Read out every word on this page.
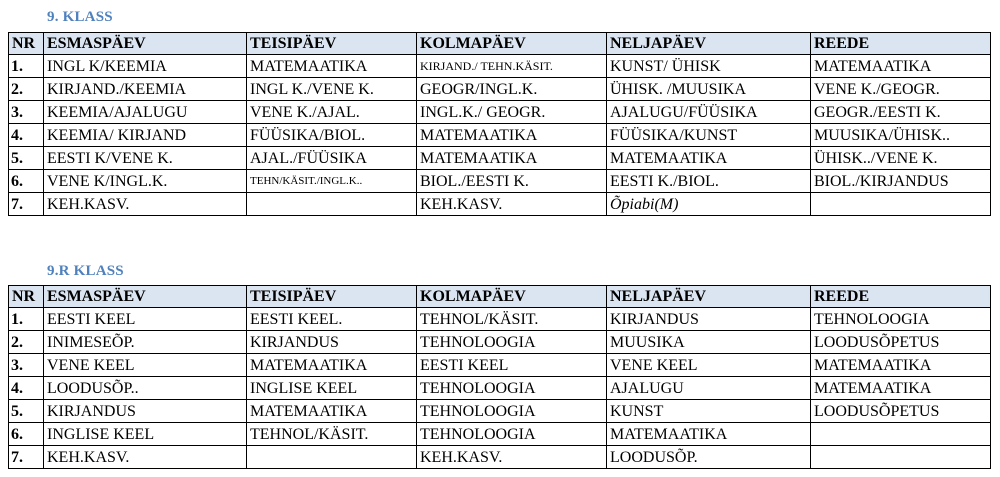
9. KLASS
NR	ESMASPÄEV	TEISIPÄEV	KOLMAPÄEV	NELJAPÄEV	REEDE
1.	INGL K/KEEMIA	MATEMAATIKA	KIRJAND./ TEHN.KÄSIT.	KUNST/ ÜHISK	MATEMAATIKA
2.	KIRJAND./KEEMIA	INGL K./VENE K.	GEOGR/INGL.K.	ÜHISK. /MUUSIKA	VENE K./GEOGR.
3.	KEEMIA/AJALUGU	VENE K./AJAL.	INGL.K./ GEOGR.	AJALUGU/FÜÜSIKA	GEOGR./EESTI K.
4.	KEEMIA/ KIRJAND	FÜÜSIKA/BIOL.	MATEMAATIKA	FÜÜSIKA/KUNST	MUUSIKA/ÜHISK..
5.	EESTI K/VENE K.	AJAL./FÜÜSIKA	MATEMAATIKA	MATEMAATIKA	ÜHISK../VENE K.
6.	VENE K/INGL.K.	TEHN/KÄSIT./INGL.K..	BIOL./EESTI K.	EESTI K./BIOL.	BIOL./KIRJANDUS
7.	KEH.KASV.		KEH.KASV.	Õpiabi(M)	
9.R KLASS
NR	ESMASPÄEV	TEISIPÄEV	KOLMAPÄEV	NELJAPÄEV	REEDE
1.	EESTI KEEL	EESTI KEEL.	TEHNOL/KÄSIT.	KIRJANDUS	TEHNOLOOGIA
2.	INIMESEÕP.	KIRJANDUS	TEHNOLOOGIA	MUUSIKA	LOODUSÕPETUS
3.	VENE KEEL	MATEMAATIKA	EESTI KEEL	VENE KEEL	MATEMAATIKA
4.	LOODUSÕP..	INGLISE KEEL	TEHNOLOOGIA	AJALUGU	MATEMAATIKA
5.	KIRJANDUS	MATEMAATIKA	TEHNOLOOGIA	KUNST	LOODUSÕPETUS
6.	INGLISE KEEL	TEHNOL/KÄSIT.	TEHNOLOOGIA	MATEMAATIKA	
7.	KEH.KASV.		KEH.KASV.	LOODUSÕP.	
